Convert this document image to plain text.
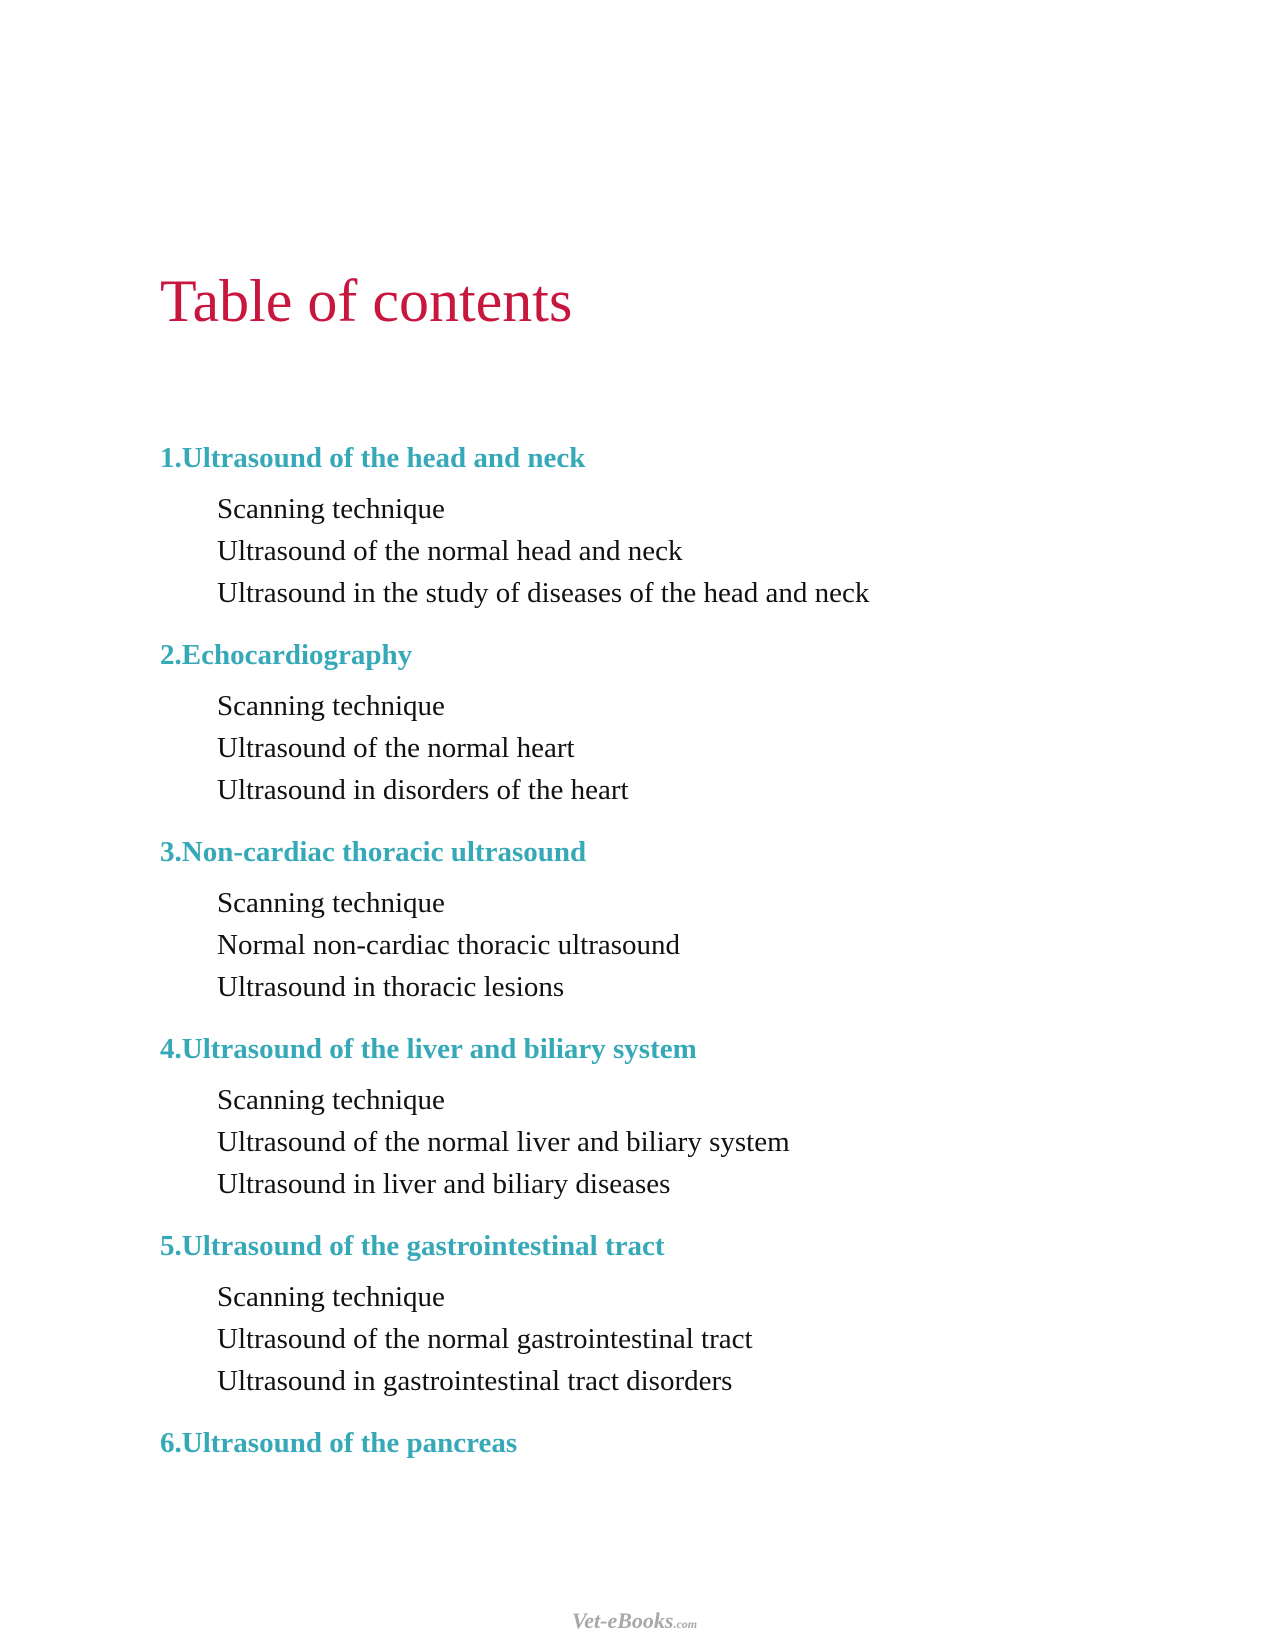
Table of contents
1.Ultrasound of the head and neck
Scanning technique
Ultrasound of the normal head and neck
Ultrasound in the study of diseases of the head and neck
2.Echocardiography
Scanning technique
Ultrasound of the normal heart
Ultrasound in disorders of the heart
3.Non-cardiac thoracic ultrasound
Scanning technique
Normal non-cardiac thoracic ultrasound
Ultrasound in thoracic lesions
4.Ultrasound of the liver and biliary system
Scanning technique
Ultrasound of the normal liver and biliary system
Ultrasound in liver and biliary diseases
5.Ultrasound of the gastrointestinal tract
Scanning technique
Ultrasound of the normal gastrointestinal tract
Ultrasound in gastrointestinal tract disorders
6.Ultrasound of the pancreas
Vet-eBooks.com
